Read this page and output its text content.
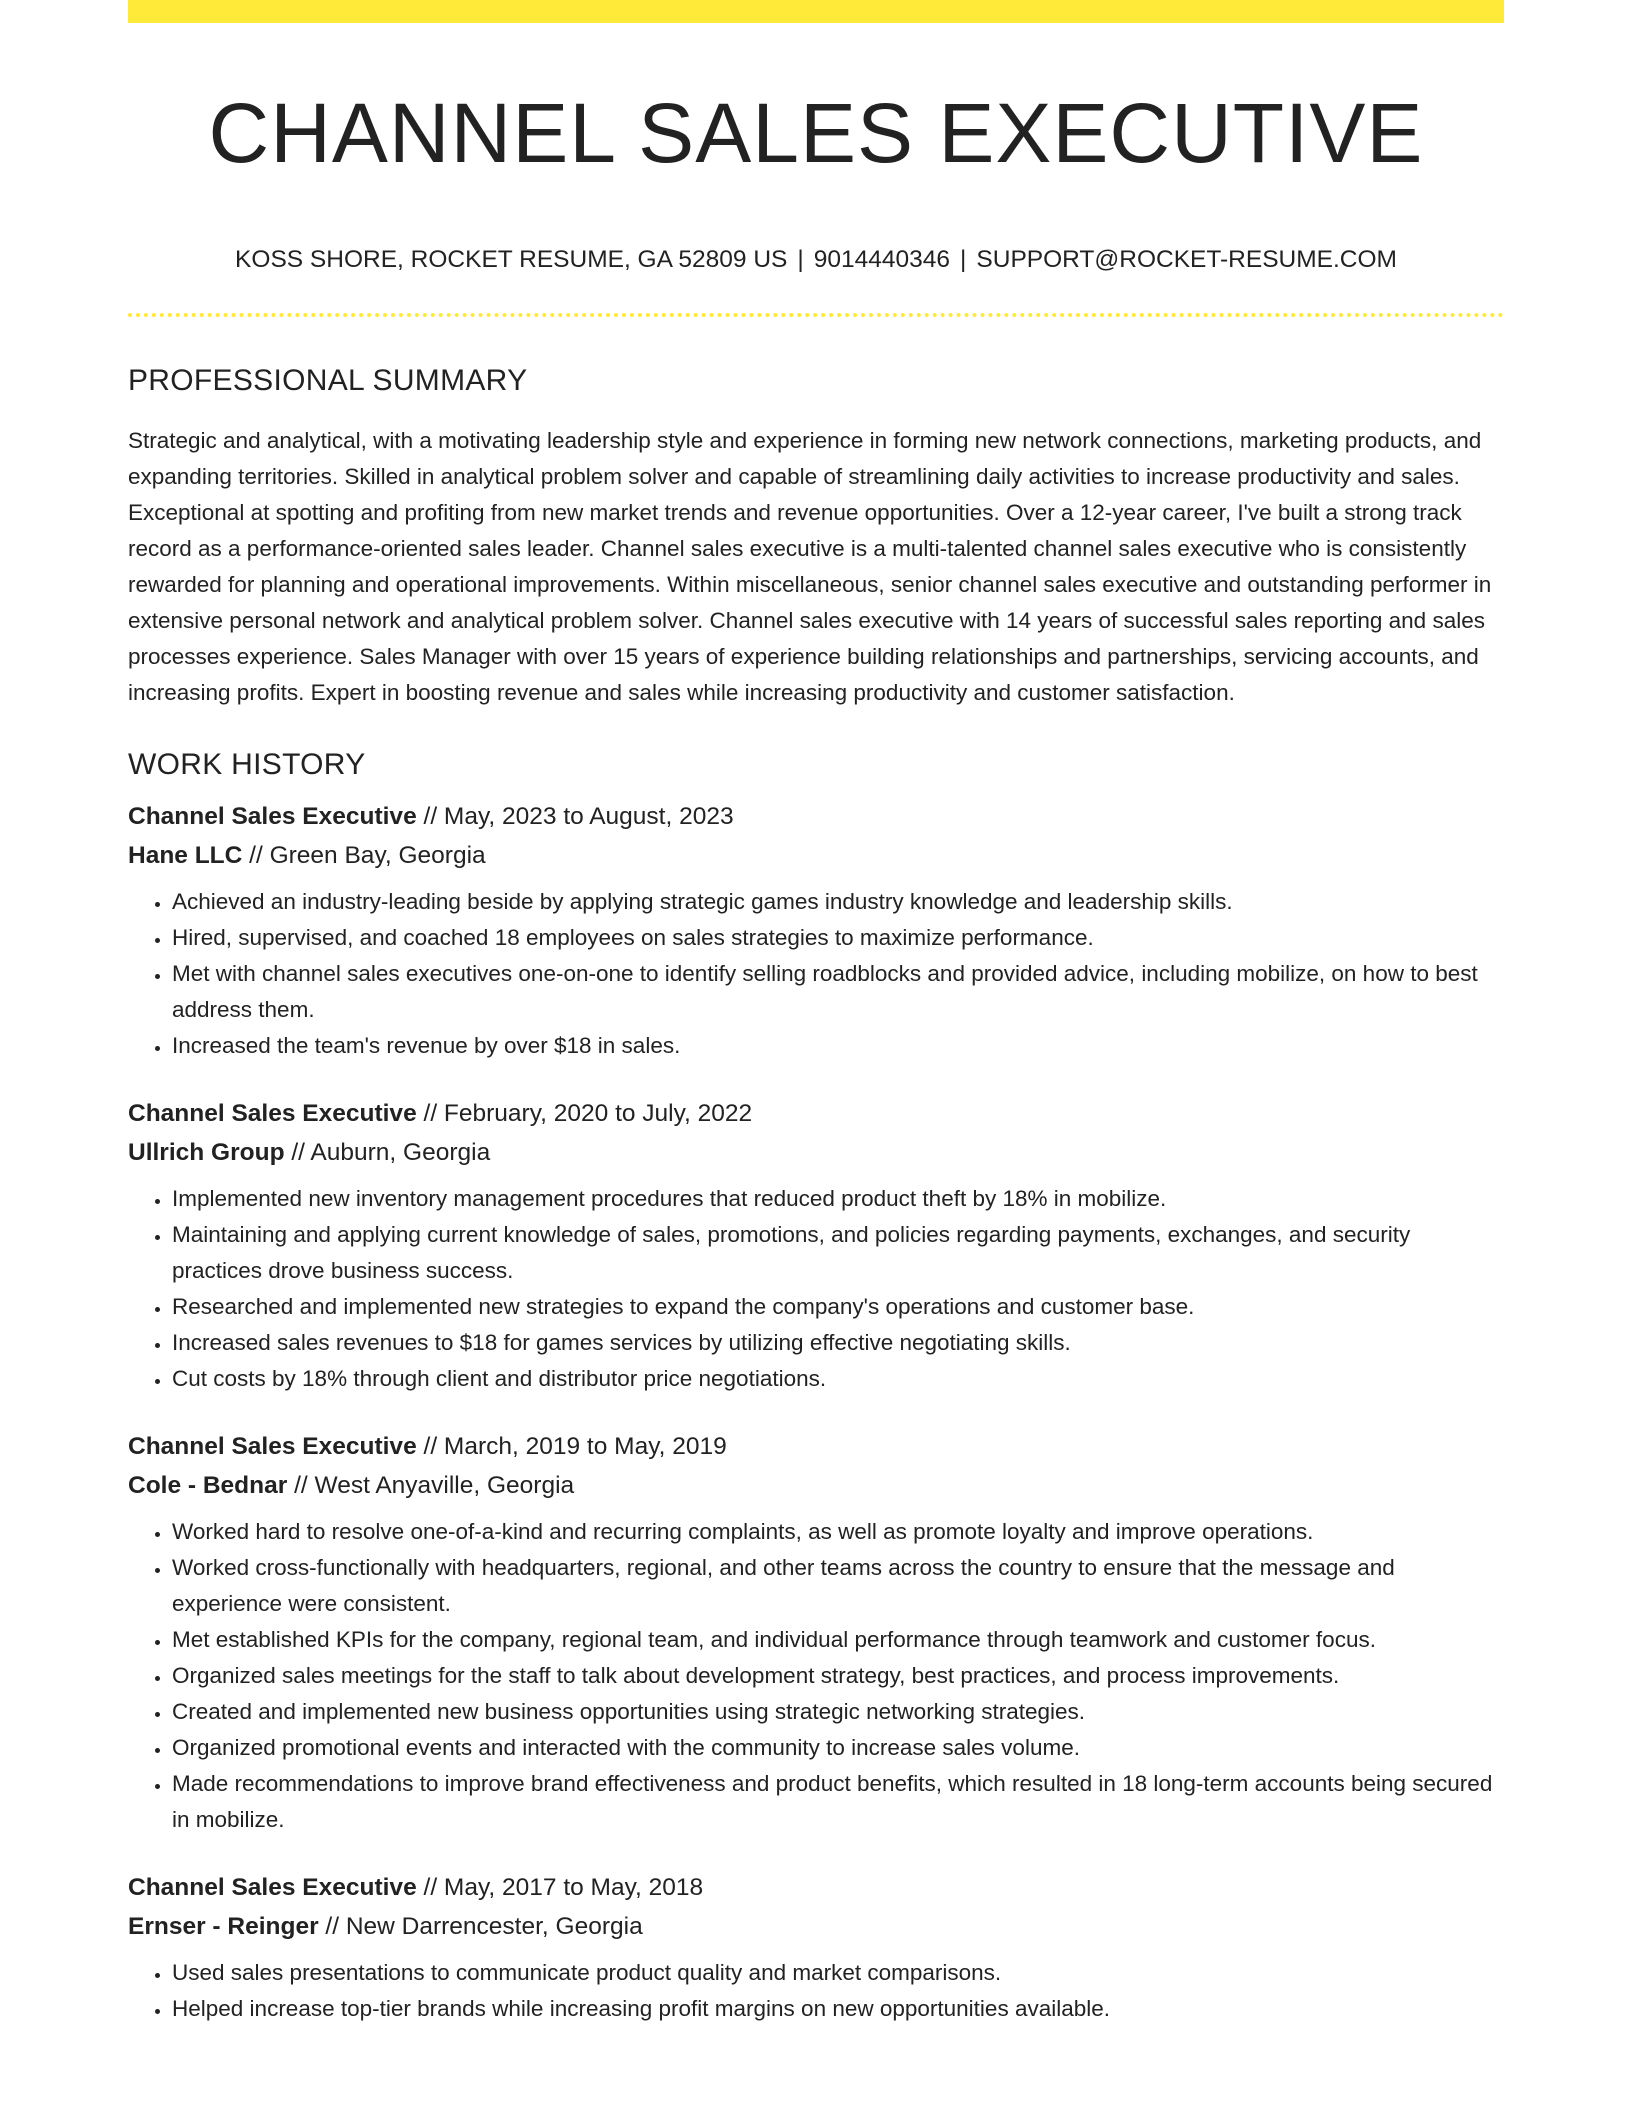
CHANNEL SALES EXECUTIVE
KOSS SHORE, ROCKET RESUME, GA 52809 US | 9014440346 | SUPPORT@ROCKET-RESUME.COM
PROFESSIONAL SUMMARY

Strategic and analytical, with a motivating leadership style and experience in forming new network connections, marketing products, and expanding territories. Skilled in analytical problem solver and capable of streamlining daily activities to increase productivity and sales. Exceptional at spotting and profiting from new market trends and revenue opportunities. Over a 12-year career, I've built a strong track record as a performance-oriented sales leader. Channel sales executive is a multi-talented channel sales executive who is consistently rewarded for planning and operational improvements. Within miscellaneous, senior channel sales executive and outstanding performer in extensive personal network and analytical problem solver. Channel sales executive with 14 years of successful sales reporting and sales processes experience. Sales Manager with over 15 years of experience building relationships and partnerships, servicing accounts, and increasing profits. Expert in boosting revenue and sales while increasing productivity and customer satisfaction.

WORK HISTORY
Channel Sales Executive // May, 2023 to August, 2023
Hane LLC // Green Bay, Georgia
• Achieved an industry-leading beside by applying strategic games industry knowledge and leadership skills.
• Hired, supervised, and coached 18 employees on sales strategies to maximize performance.
• Met with channel sales executives one-on-one to identify selling roadblocks and provided advice, including mobilize, on how to best address them.
• Increased the team's revenue by over $18 in sales.
Channel Sales Executive // February, 2020 to July, 2022
Ullrich Group // Auburn, Georgia
• Implemented new inventory management procedures that reduced product theft by 18% in mobilize.
• Maintaining and applying current knowledge of sales, promotions, and policies regarding payments, exchanges, and security practices drove business success.
• Researched and implemented new strategies to expand the company's operations and customer base.
• Increased sales revenues to $18 for games services by utilizing effective negotiating skills.
• Cut costs by 18% through client and distributor price negotiations.
Channel Sales Executive // March, 2019 to May, 2019
Cole - Bednar // West Anyaville, Georgia
• Worked hard to resolve one-of-a-kind and recurring complaints, as well as promote loyalty and improve operations.
• Worked cross-functionally with headquarters, regional, and other teams across the country to ensure that the message and experience were consistent.
• Met established KPIs for the company, regional team, and individual performance through teamwork and customer focus.
• Organized sales meetings for the staff to talk about development strategy, best practices, and process improvements.
• Created and implemented new business opportunities using strategic networking strategies.
• Organized promotional events and interacted with the community to increase sales volume.
• Made recommendations to improve brand effectiveness and product benefits, which resulted in 18 long-term accounts being secured in mobilize.
Channel Sales Executive // May, 2017 to May, 2018
Ernser - Reinger // New Darrencester, Georgia
• Used sales presentations to communicate product quality and market comparisons.
• Helped increase top-tier brands while increasing profit margins on new opportunities available.
